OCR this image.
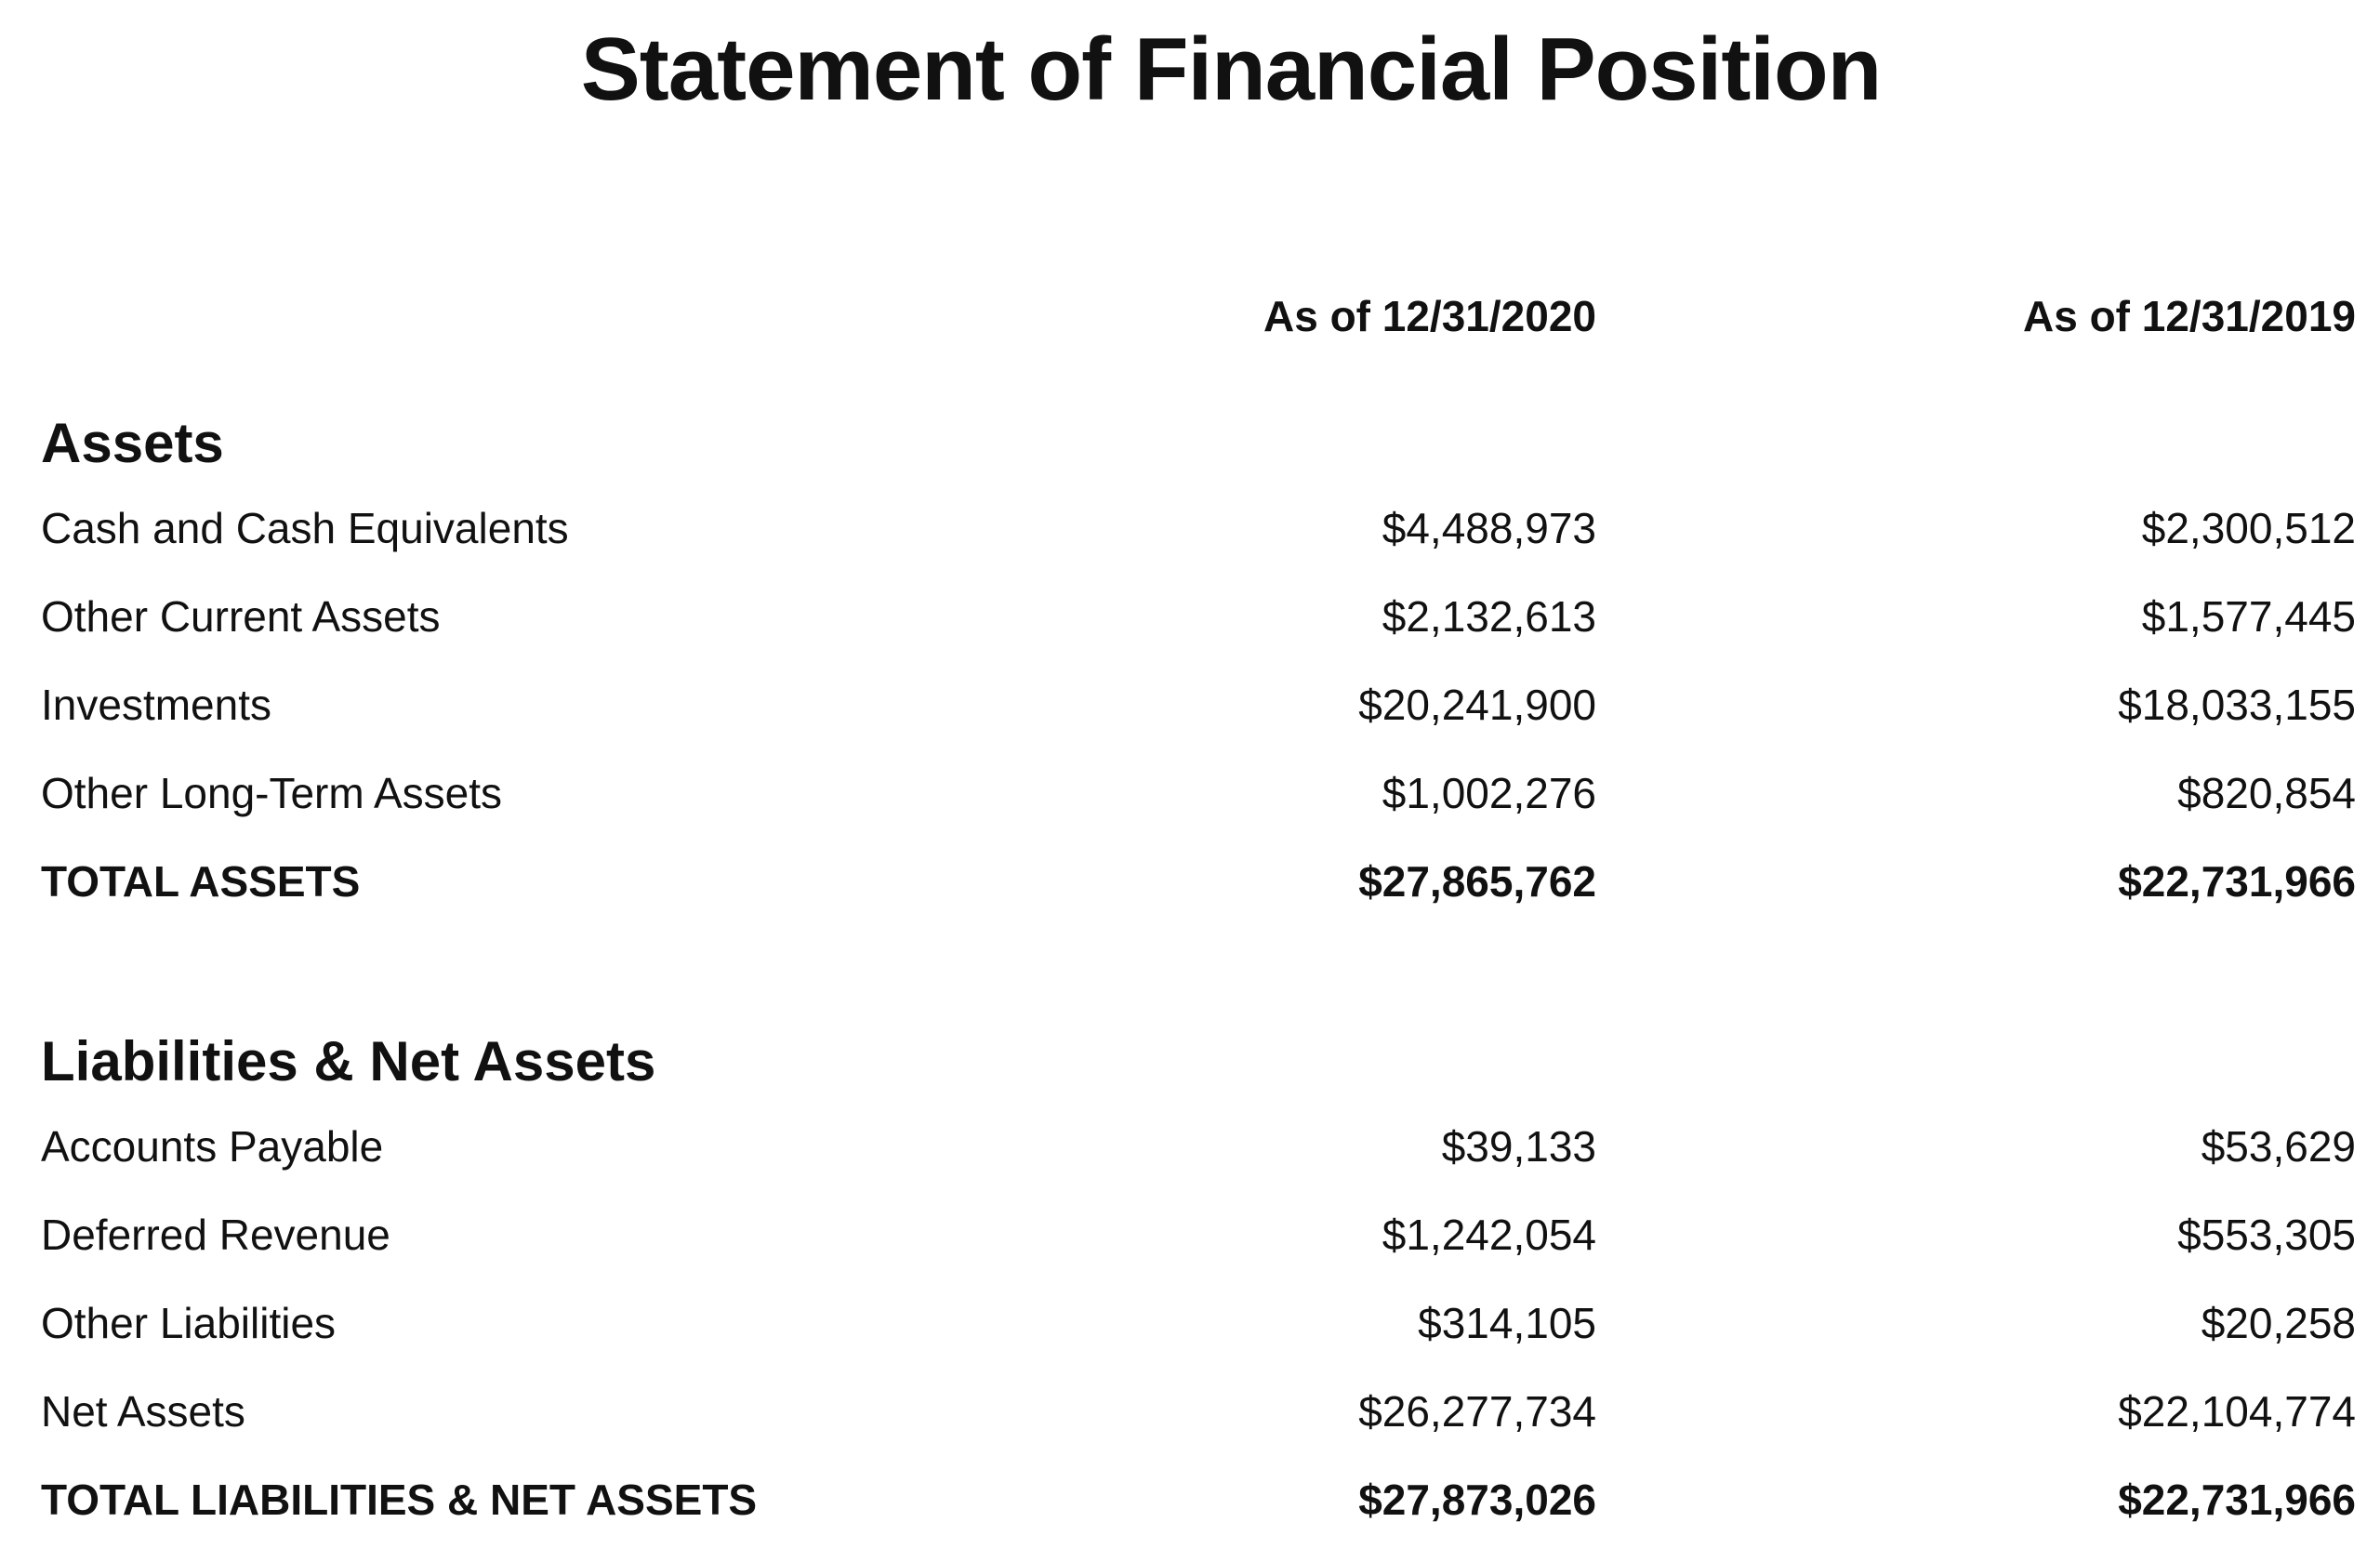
Statement of Financial Position
As of 12/31/2020	As of 12/31/2019
Assets
Cash and Cash Equivalents	$4,488,973	$2,300,512
Other Current Assets	$2,132,613	$1,577,445
Investments	$20,241,900	$18,033,155
Other Long-Term Assets	$1,002,276	$820,854
TOTAL ASSETS	$27,865,762	$22,731,966
Liabilities & Net Assets
Accounts Payable	$39,133	$53,629
Deferred Revenue	$1,242,054	$553,305
Other Liabilities	$314,105	$20,258
Net Assets	$26,277,734	$22,104,774
TOTAL LIABILITIES & NET ASSETS	$27,873,026	$22,731,966
